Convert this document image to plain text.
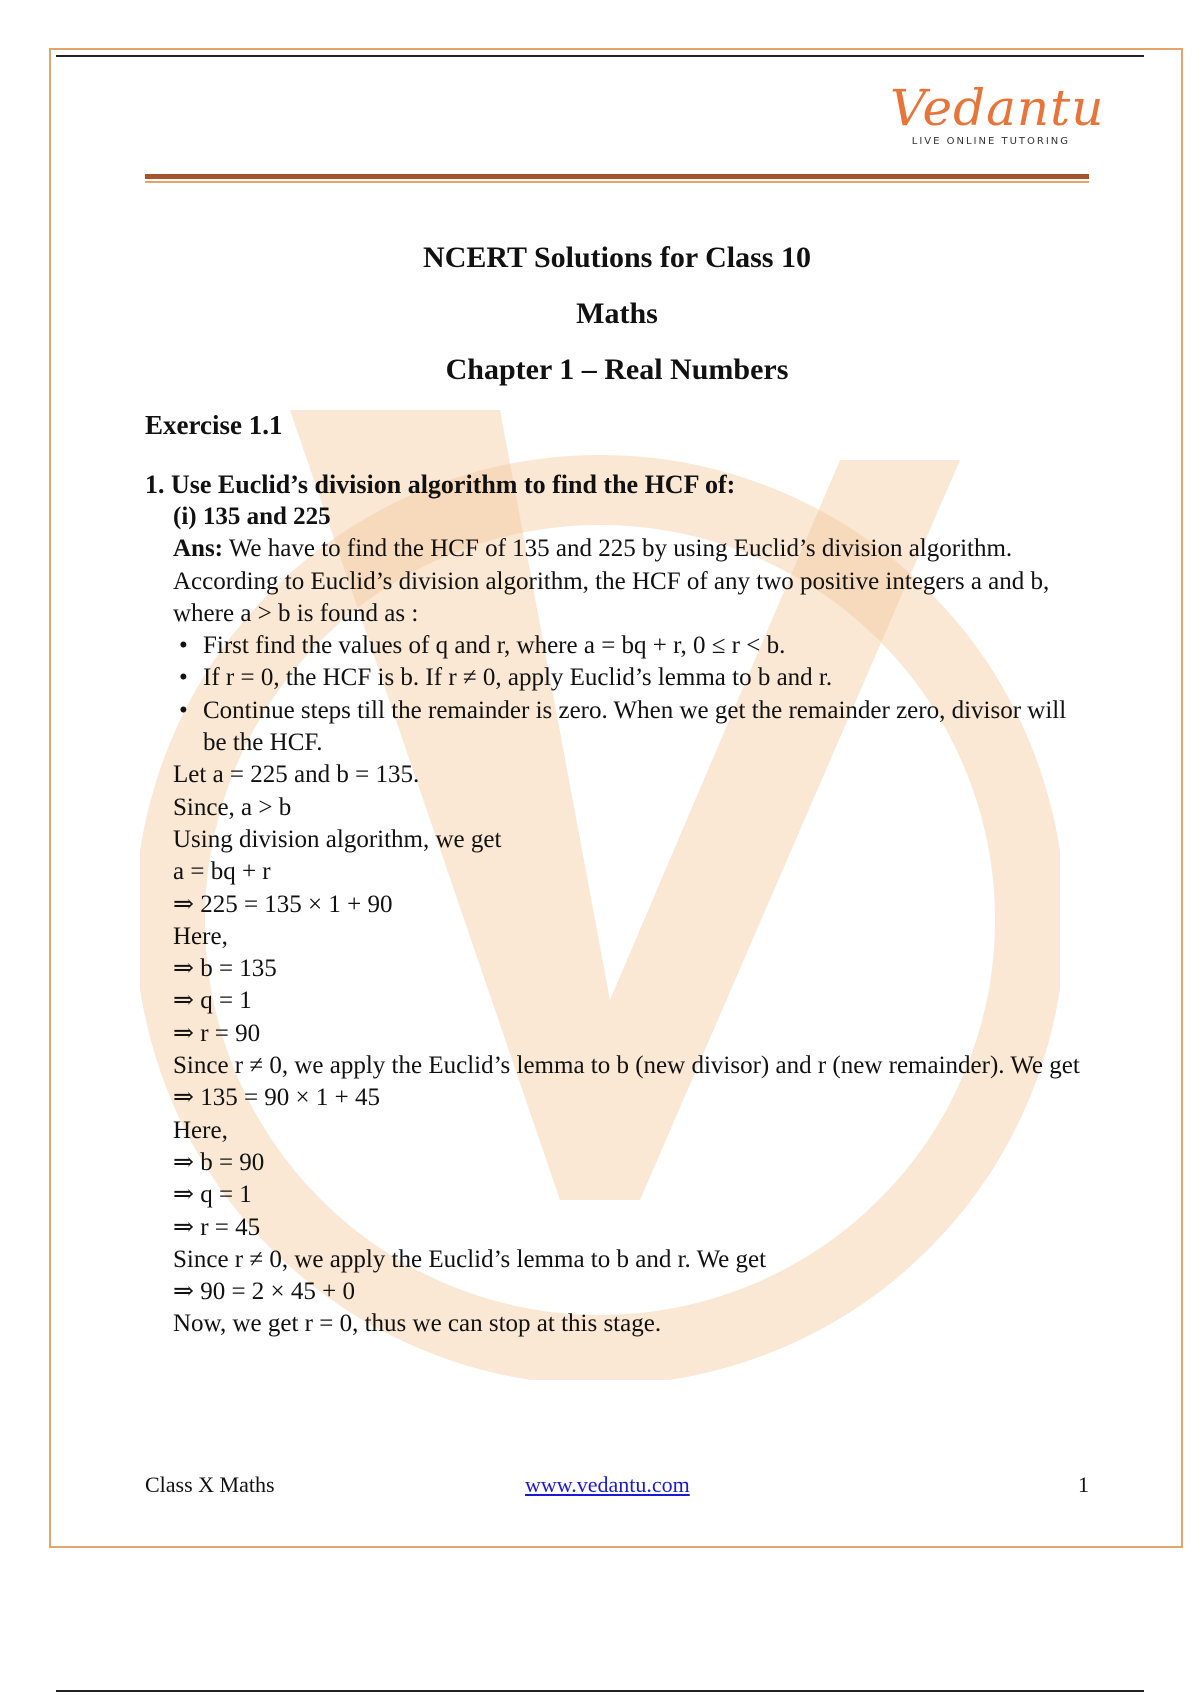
Vedantu
LIVE ONLINE TUTORING
NCERT Solutions for Class 10
Maths
Chapter 1 – Real Numbers
Exercise 1.1
1. Use Euclid’s division algorithm to find the HCF of:
(i) 135 and 225
Ans: We have to find the HCF of 135 and 225 by using Euclid’s division algorithm.
According to Euclid’s division algorithm, the HCF of any two positive integers a and b, where a > b is found as :
• First find the values of q and r, where a = bq + r, 0 ≤ r < b.
• If r = 0, the HCF is b. If r ≠ 0, apply Euclid’s lemma to b and r.
• Continue steps till the remainder is zero. When we get the remainder zero, divisor will be the HCF.
Let a = 225 and b = 135.
Since, a > b
Using division algorithm, we get
a = bq + r
⇒ 225 = 135 × 1 + 90
Here,
⇒ b = 135
⇒ q = 1
⇒ r = 90
Since r ≠ 0, we apply the Euclid’s lemma to b (new divisor) and r (new remainder). We get
⇒ 135 = 90 × 1 + 45
Here,
⇒ b = 90
⇒ q = 1
⇒ r = 45
Since r ≠ 0, we apply the Euclid’s lemma to b and r. We get
⇒ 90 = 2 × 45 + 0
Now, we get r = 0, thus we can stop at this stage.
Class X Maths	www.vedantu.com	1
